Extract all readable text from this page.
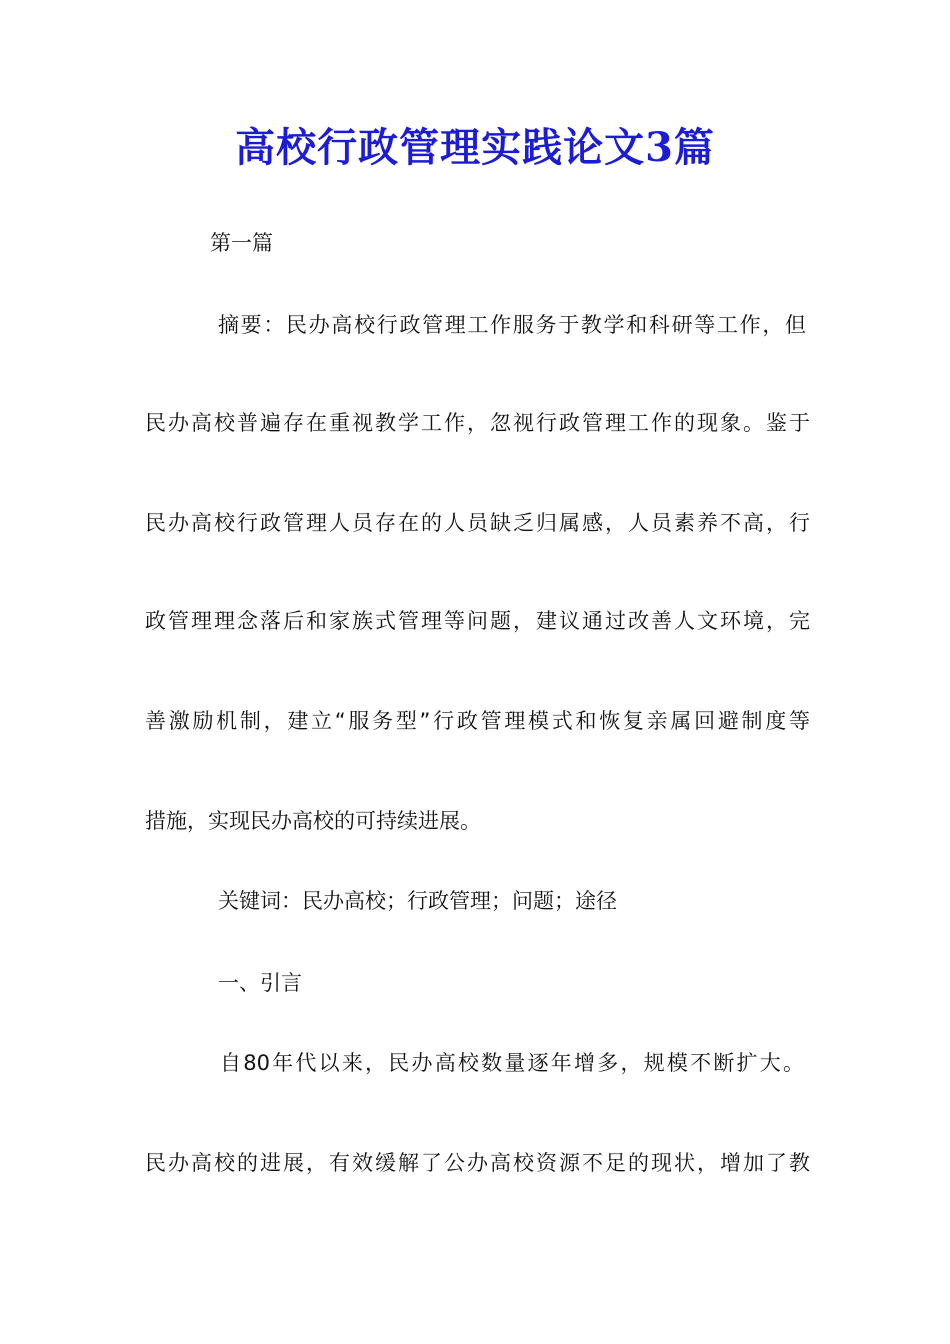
高校行政管理实践论文3篇
第一篇
摘要：民办高校行政管理工作服务于教学和科研等工作，但
民办高校普遍存在重视教学工作，忽视行政管理工作的现象。鉴于
民办高校行政管理人员存在的人员缺乏归属感，人员素养不高，行
政管理理念落后和家族式管理等问题，建议通过改善人文环境，完
善激励机制，建立“服务型”行政管理模式和恢复亲属回避制度等
措施，实现民办高校的可持续进展。
关键词：民办高校；行政管理；问题；途径
一、引言
自80年代以来，民办高校数量逐年增多，规模不断扩大。
民办高校的进展，有效缓解了公办高校资源不足的现状，增加了教
